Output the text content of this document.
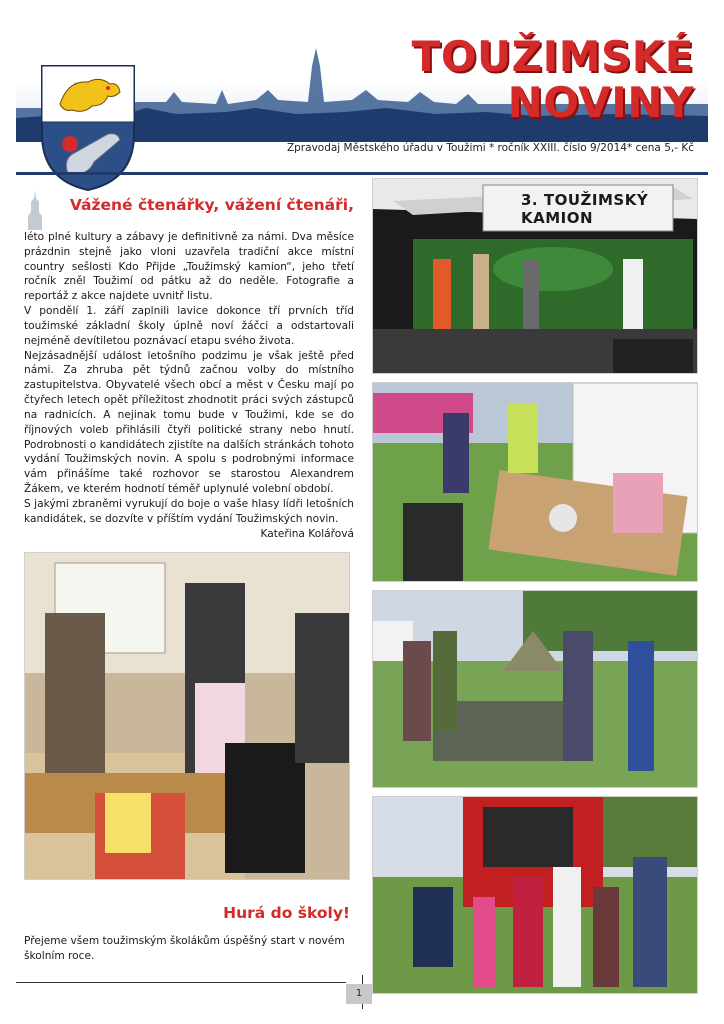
TOUŽIMSKÉ
NOVINY
Zpravodaj Městského úřadu v Toužimi * ročník XXIII. číslo 9/2014* cena 5,- Kč
Vážené čtenářky, vážení čtenáři,

léto plné kultury a zábavy je definitivně za námi. Dva měsíce prázdnin stejně jako vloni uzavřela tradiční akce místní country sešlosti Kdo Přijde „Toužimský kamion“, jeho třetí ročník zněl Toužimí od pátku až do neděle. Fotografie a reportáž z akce najdete uvnitř listu.

V pondělí 1. září zaplnili lavice dokonce tří prvních tříd toužimské základní školy úplně noví žáčci a odstartovali nejméně devítiletou poznávací etapu svého života.

Nejzásadnější událost letošního podzimu je však ještě před námi. Za zhruba pět týdnů začnou volby do místního zastupitelstva. Obyvatelé všech obcí a měst v Česku mají po čtyřech letech opět příležitost zhodnotit práci svých zástupců na radnicích. A nejinak tomu bude v Toužimi, kde se do říjnových voleb přihlásili čtyři politické strany nebo hnutí. Podrobnosti o kandidátech zjistíte na dalších stránkách tohoto vydání Toužimských novin. A spolu s podrobnými informace vám přinášíme také rozhovor se starostou Alexandrem Žákem, ve kterém hodnotí téměř uplynulé volební období.

S jakými zbraněmi vyrukují do boje o vaše hlasy lídři letošních kandidátek, se dozvíte v příštím vydání Toužimských novin.

Kateřina Kolářová

3. TOUŽIMSKÝ KAMION
Hurá do školy!
Přejeme všem toužimským školákům úspěšný start v novém školním roce.
1
